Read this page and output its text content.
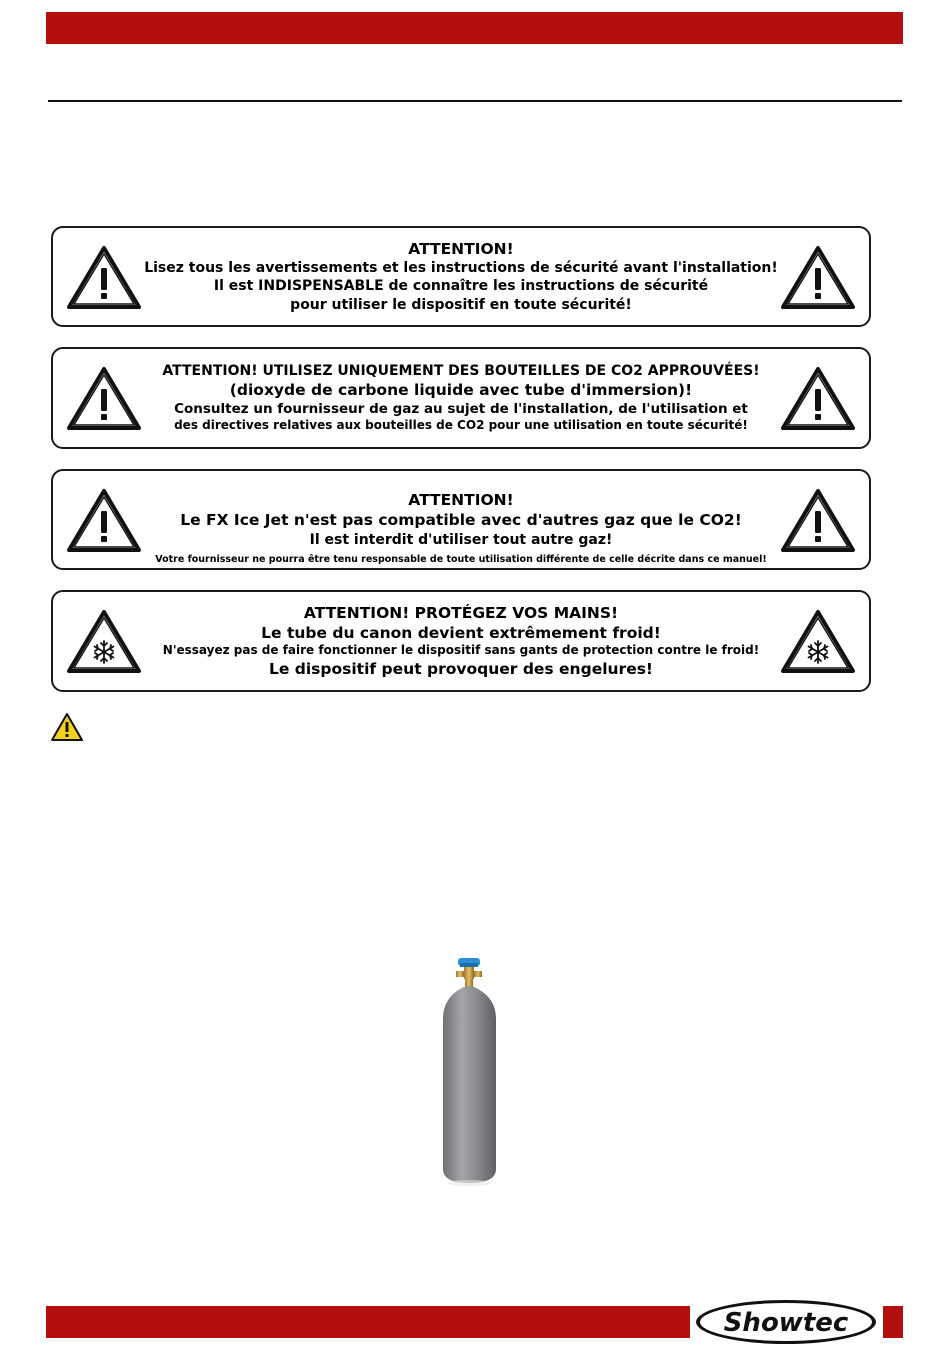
ATTENTION!
Lisez tous les avertissements et les instructions de sécurité avant l'installation!
Il est INDISPENSABLE de connaître les instructions de sécurité
pour utiliser le dispositif en toute sécurité!
ATTENTION! UTILISEZ UNIQUEMENT DES BOUTEILLES DE CO2 APPROUVÉES!
(dioxyde de carbone liquide avec tube d'immersion)!
Consultez un fournisseur de gaz au sujet de l'installation, de l'utilisation et
des directives relatives aux bouteilles de CO2 pour une utilisation en toute sécurité!
ATTENTION!
Le FX Ice Jet n'est pas compatible avec d'autres gaz que le CO2!
Il est interdit d'utiliser tout autre gaz!
Votre fournisseur ne pourra être tenu responsable de toute utilisation différente de celle décrite dans ce manuel!
ATTENTION! PROTÉGEZ VOS MAINS!
Le tube du canon devient extrêmement froid!
N'essayez pas de faire fonctionner le dispositif sans gants de protection contre le froid!
Le dispositif peut provoquer des engelures!
Showtec
